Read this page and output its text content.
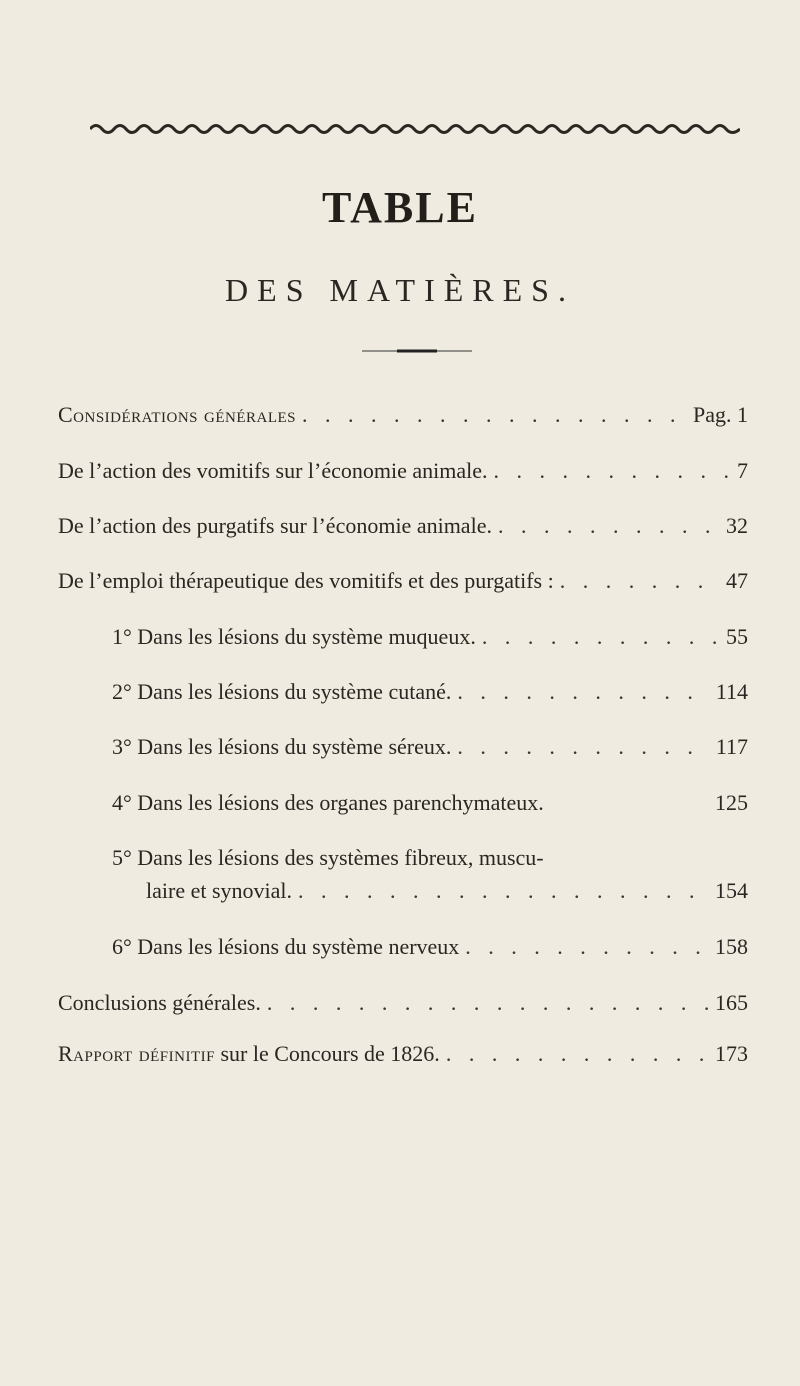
TABLE
DES MATIÈRES.
Considérations générales . . .	Pag. 1
De l’action des vomitifs sur l’économie animale. . . .	7
De l’action des purgatifs sur l’économie animale. . . .	32
De l’emploi thérapeutique des vomitifs et des purgatifs : . . .	47
1° Dans les lésions du système muqueux. . . .	55
2° Dans les lésions du système cutané. . . .	114
3° Dans les lésions du système séreux. . . .	117
4° Dans les lésions des organes parenchymateux.	125
5° Dans les lésions des systèmes fibreux, muscu-
laire et synovial. . . .	154
6° Dans les lésions du système nerveux . . .	158
Conclusions générales. . . .	165
Rapport définitif sur le Concours de 1826. . . .	173
